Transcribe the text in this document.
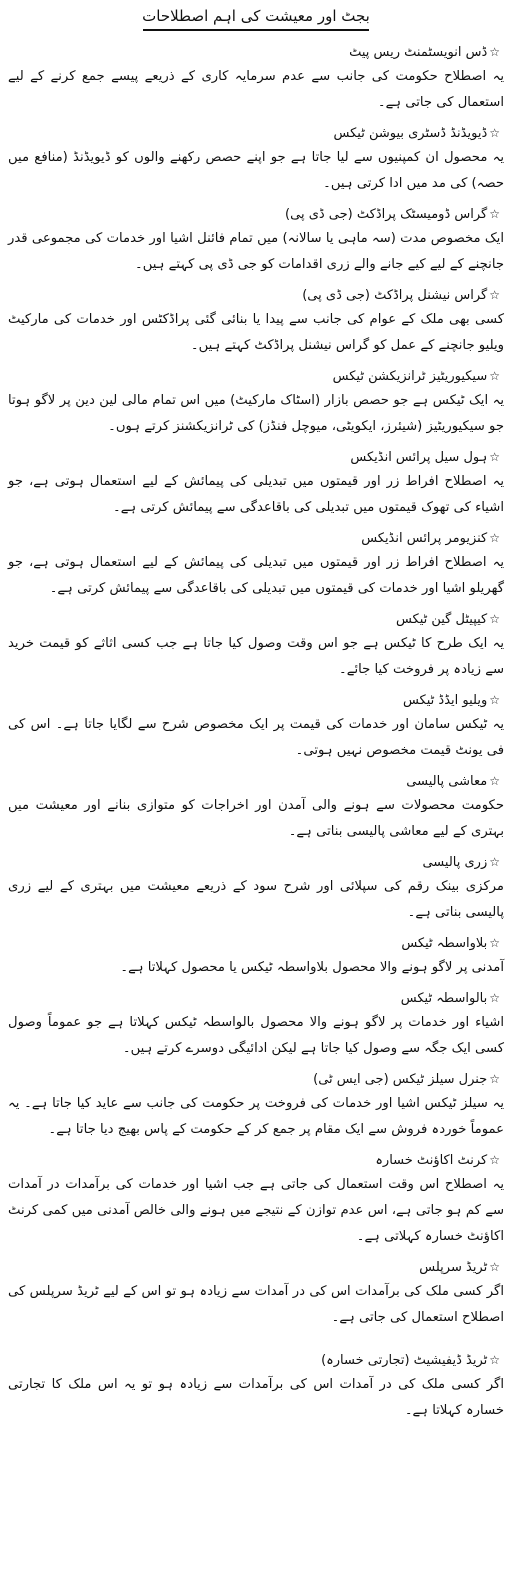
بجٹ اور معیشت کی اہم اصطلاحات
☆ڈس انویسٹمنٹ ریس پیٹ
یہ اصطلاح حکومت کی جانب سے عدم سرمایہ کاری کے ذریعے پیسے جمع کرنے کے لیے استعمال کی جاتی ہے۔
☆ڈیویڈنڈ ڈسٹری بیوشن ٹیکس
یہ محصول ان کمپنیوں سے لیا جاتا ہے جو اپنے حصص رکھنے والوں کو ڈیویڈنڈ (منافع میں حصہ) کی مد میں ادا کرتی ہیں۔
☆گراس ڈومیسٹک پراڈکٹ (جی ڈی پی)
ایک مخصوص مدت (سہ ماہی یا سالانہ) میں تمام فائنل اشیا اور خدمات کی مجموعی قدر جانچنے کے لیے کیے جانے والے زری اقدامات کو جی ڈی پی کہتے ہیں۔
☆گراس نیشنل پراڈکٹ (جی ڈی پی)
کسی بھی ملک کے عوام کی جانب سے پیدا یا بنائی گئی پراڈکٹس اور خدمات کی مارکیٹ ویلیو جانچنے کے عمل کو گراس نیشنل پراڈکٹ کہتے ہیں۔
☆سیکیوریٹیز ٹرانزیکشن ٹیکس
یہ ایک ٹیکس ہے جو حصص بازار (اسٹاک مارکیٹ) میں اس تمام مالی لین دین پر لاگو ہوتا جو سیکیوریٹیز (شیئرز، ایکویٹی، میوچل فنڈز) کی ٹرانزیکشنز کرتے ہوں۔
☆ہول سیل پرائس انڈیکس
یہ اصطلاح افراط زر اور قیمتوں میں تبدیلی کی پیمائش کے لیے استعمال ہوتی ہے، جو اشیاء کی تھوک قیمتوں میں تبدیلی کی باقاعدگی سے پیمائش کرتی ہے۔
☆کنزیومر پرائس انڈیکس
یہ اصطلاح افراط زر اور قیمتوں میں تبدیلی کی پیمائش کے لیے استعمال ہوتی ہے، جو گھریلو اشیا اور خدمات کی قیمتوں میں تبدیلی کی باقاعدگی سے پیمائش کرتی ہے۔
☆کیپیٹل گین ٹیکس
یہ ایک طرح کا ٹیکس ہے جو اس وقت وصول کیا جاتا ہے جب کسی اثاثے کو قیمت خرید سے زیادہ پر فروخت کیا جائے۔
☆ویلیو ایڈڈ ٹیکس
یہ ٹیکس سامان اور خدمات کی قیمت پر ایک مخصوص شرح سے لگایا جاتا ہے۔ اس کی فی یونٹ قیمت مخصوص نہیں ہوتی۔
☆معاشی پالیسی
حکومت محصولات سے ہونے والی آمدن اور اخراجات کو متوازی بنانے اور معیشت میں بہتری کے لیے معاشی پالیسی بناتی ہے۔
☆زری پالیسی
مرکزی بینک رقم کی سپلائی اور شرح سود کے ذریعے معیشت میں بہتری کے لیے زری پالیسی بناتی ہے۔
☆بلاواسطہ ٹیکس
آمدنی پر لاگو ہونے والا محصول بلاواسطہ ٹیکس یا محصول کہلاتا ہے۔
☆بالواسطہ ٹیکس
اشیاء اور خدمات پر لاگو ہونے والا محصول بالواسطہ ٹیکس کہلاتا ہے جو عموماً وصول کسی ایک جگہ سے وصول کیا جاتا ہے لیکن ادائیگی دوسرے کرتے ہیں۔
☆جنرل سیلز ٹیکس (جی ایس ٹی)
یہ سیلز ٹیکس اشیا اور خدمات کی فروخت پر حکومت کی جانب سے عاید کیا جاتا ہے۔ یہ عموماً خوردہ فروش سے ایک مقام پر جمع کر کے حکومت کے پاس بھیج دیا جاتا ہے۔
☆کرنٹ اکاؤنٹ خسارہ
یہ اصطلاح اس وقت استعمال کی جاتی ہے جب اشیا اور خدمات کی برآمدات در آمدات سے کم ہو جاتی ہے، اس عدم توازن کے نتیجے میں ہونے والی خالص آمدنی میں کمی کرنٹ اکاؤنٹ خسارہ کہلاتی ہے۔
☆ٹریڈ سرپلس
اگر کسی ملک کی برآمدات اس کی در آمدات سے زیادہ ہو تو اس کے لیے ٹریڈ سرپلس کی اصطلاح استعمال کی جاتی ہے۔
☆ٹریڈ ڈیفیشیٹ (تجارتی خسارہ)
اگر کسی ملک کی در آمدات اس کی برآمدات سے زیادہ ہو تو یہ اس ملک کا تجارتی خسارہ کہلاتا ہے۔
